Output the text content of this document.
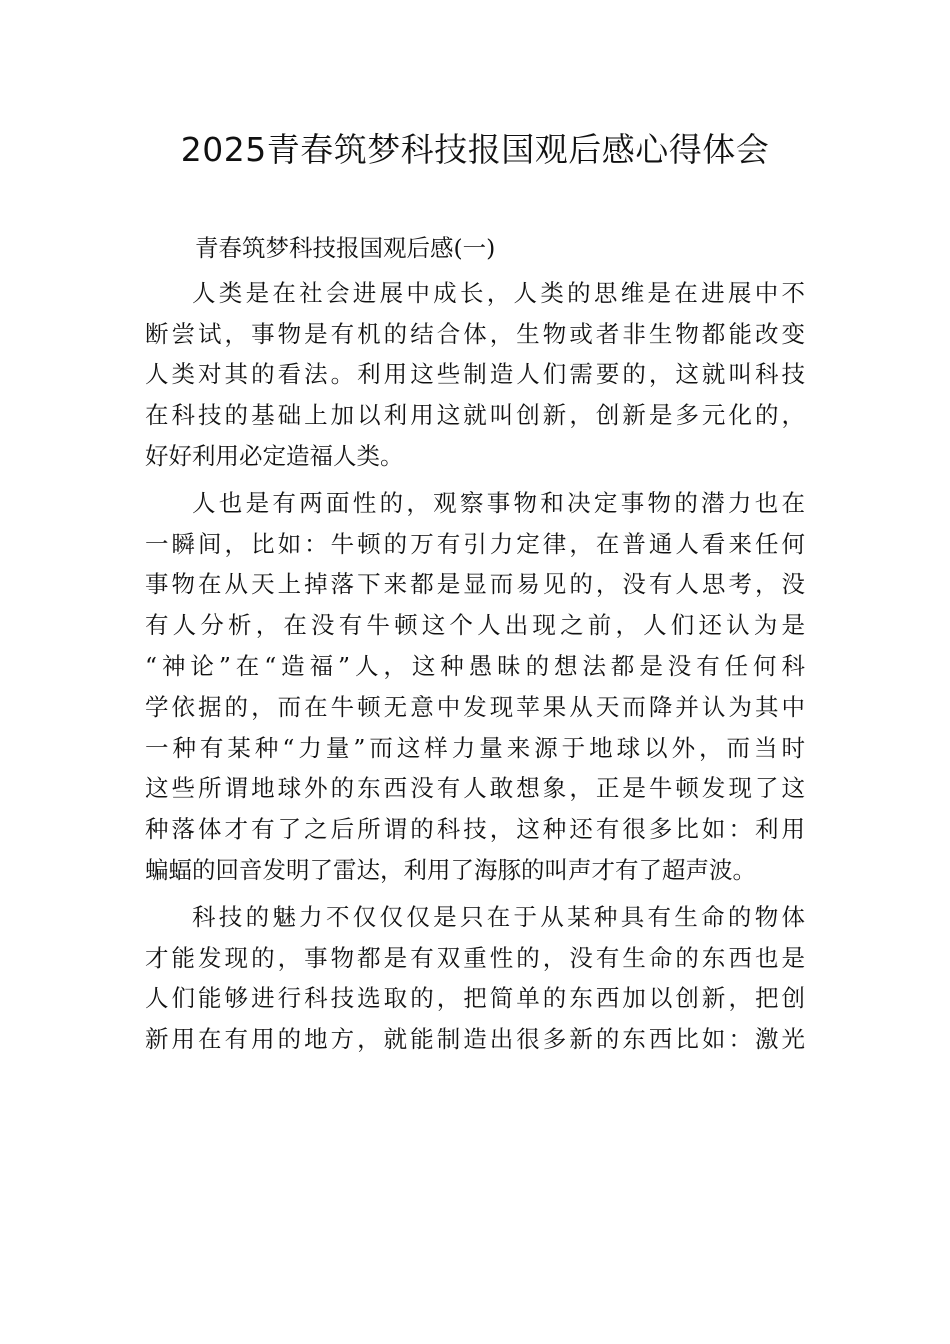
2025青春筑梦科技报国观后感心得体会
青春筑梦科技报国观后感(一)
人类是在社会进展中成长，人类的思维是在进展中不
断尝试，事物是有机的结合体，生物或者非生物都能改变
人类对其的看法。利用这些制造人们需要的，这就叫科技
在科技的基础上加以利用这就叫创新，创新是多元化的，
好好利用必定造福人类。
人也是有两面性的，观察事物和决定事物的潜力也在
一瞬间，比如：牛顿的万有引力定律，在普通人看来任何
事物在从天上掉落下来都是显而易见的，没有人思考，没
有人分析，在没有牛顿这个人出现之前，人们还认为是
“神论”在“造福”人，这种愚昧的想法都是没有任何科
学依据的，而在牛顿无意中发现苹果从天而降并认为其中
一种有某种“力量”而这样力量来源于地球以外，而当时
这些所谓地球外的东西没有人敢想象，正是牛顿发现了这
种落体才有了之后所谓的科技，这种还有很多比如：利用
蝙蝠的回音发明了雷达，利用了海豚的叫声才有了超声波。
科技的魅力不仅仅仅是只在于从某种具有生命的物体
才能发现的，事物都是有双重性的，没有生命的东西也是
人们能够进行科技选取的，把简单的东西加以创新，把创
新用在有用的地方，就能制造出很多新的东西比如：激光
